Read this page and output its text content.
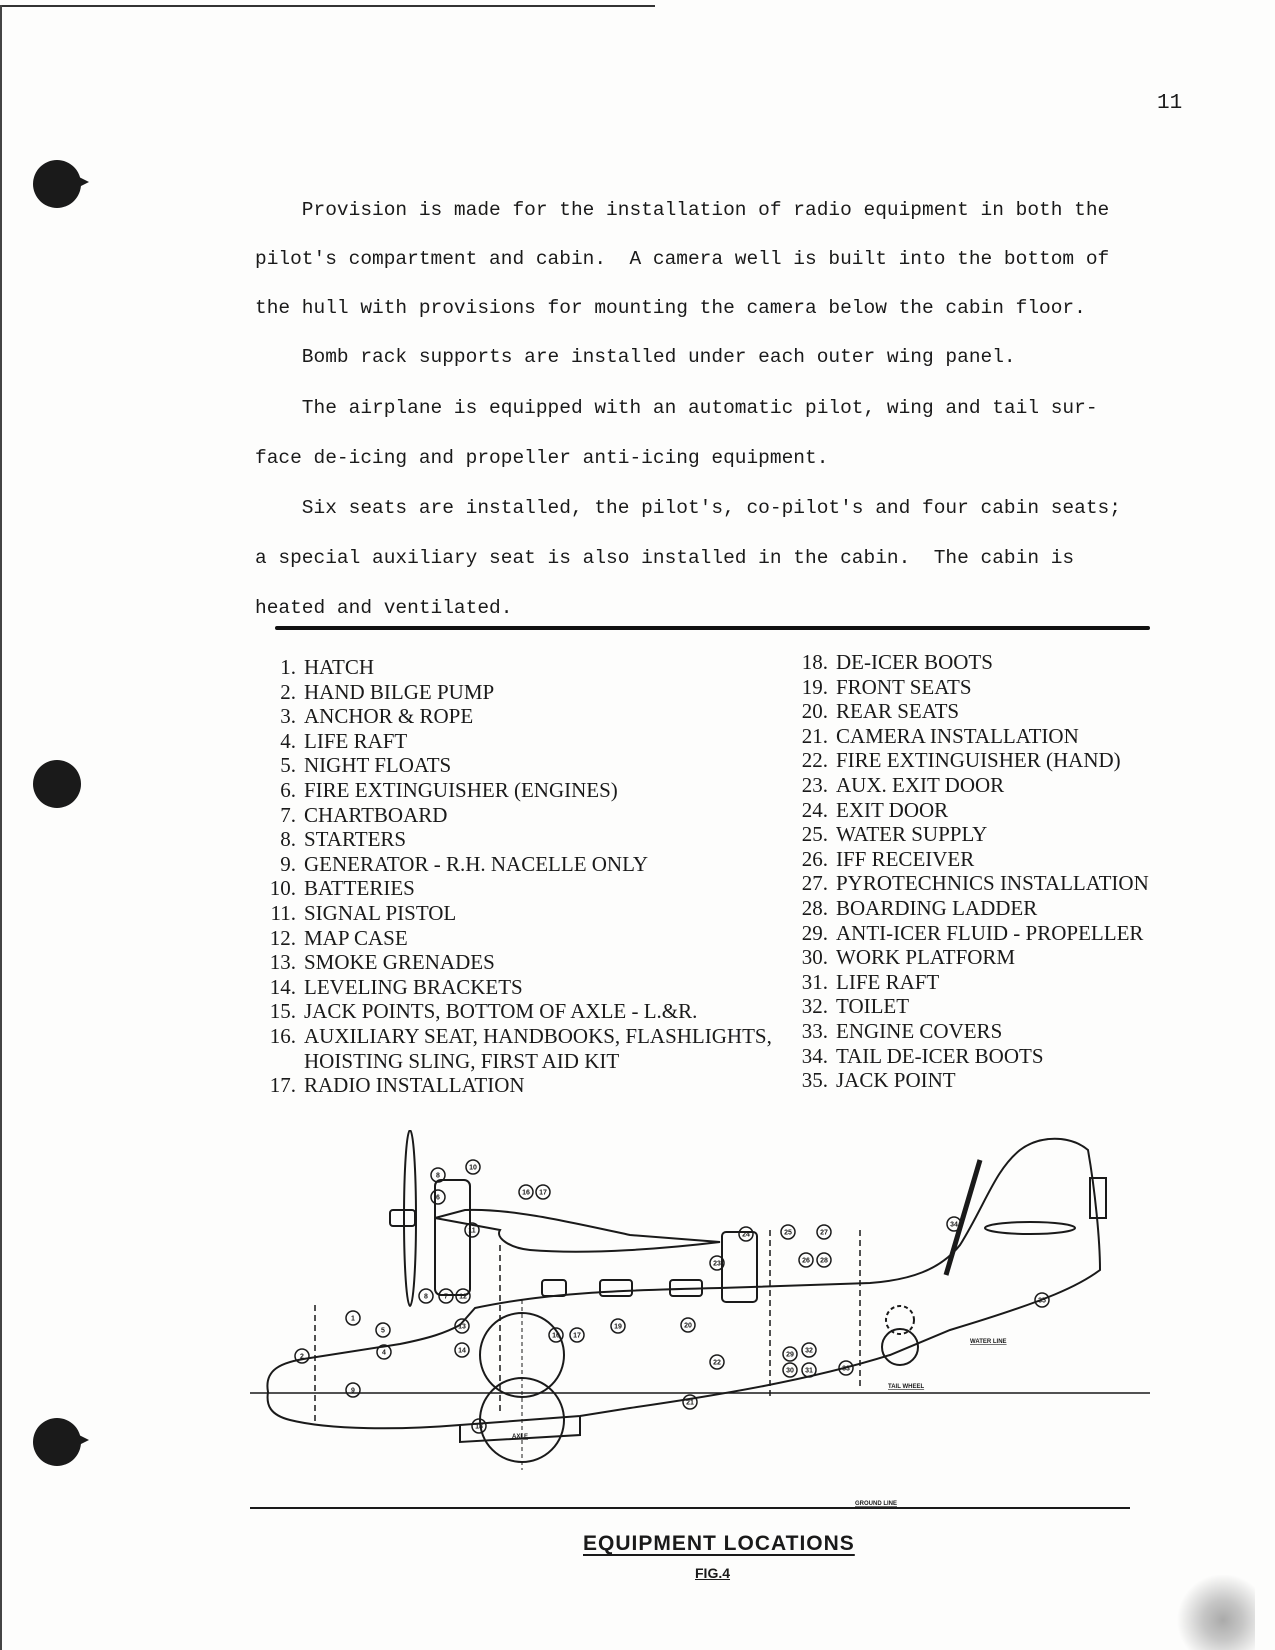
11
Provision is made for the installation of radio equipment in both the
pilot's compartment and cabin.  A camera well is built into the bottom of
the hull with provisions for mounting the camera below the cabin floor.
Bomb rack supports are installed under each outer wing panel.
The airplane is equipped with an automatic pilot, wing and tail sur-
face de-icing and propeller anti-icing equipment.
Six seats are installed, the pilot's, co-pilot's and four cabin seats;
a special auxiliary seat is also installed in the cabin.  The cabin is
heated and ventilated.
1. HATCH
2. HAND BILGE PUMP
3. ANCHOR & ROPE
4. LIFE RAFT
5. NIGHT FLOATS
6. FIRE EXTINGUISHER (ENGINES)
7. CHARTBOARD
8. STARTERS
9. GENERATOR - R.H. NACELLE ONLY
10. BATTERIES
11. SIGNAL PISTOL
12. MAP CASE
13. SMOKE GRENADES
14. LEVELING BRACKETS
15. JACK POINTS, BOTTOM OF AXLE - L.&R.
16. AUXILIARY SEAT, HANDBOOKS, FLASHLIGHTS,
HOISTING SLING, FIRST AID KIT
17. RADIO INSTALLATION
18. DE-ICER BOOTS
19. FRONT SEATS
20. REAR SEATS
21. CAMERA INSTALLATION
22. FIRE EXTINGUISHER (HAND)
23. AUX. EXIT DOOR
24. EXIT DOOR
25. WATER SUPPLY
26. IFF RECEIVER
27. PYROTECHNICS INSTALLATION
28. BOARDING LADDER
29. ANTI-ICER FLUID - PROPELLER
30. WORK PLATFORM
31. LIFE RAFT
32. TOILET
33. ENGINE COVERS
34. TAIL DE-ICER BOOTS
35. JACK POINT
1
2
4
5
6
8
8 7 12
9
10
11
13
14
16 17
16 17
19	20
22
21
18
23
24	25
26 28
27
29
32
30 31	33
34
35
WATER LINE
GROUND LINE
AXLE
TAIL WHEEL
EQUIPMENT LOCATIONS
FIG.4
